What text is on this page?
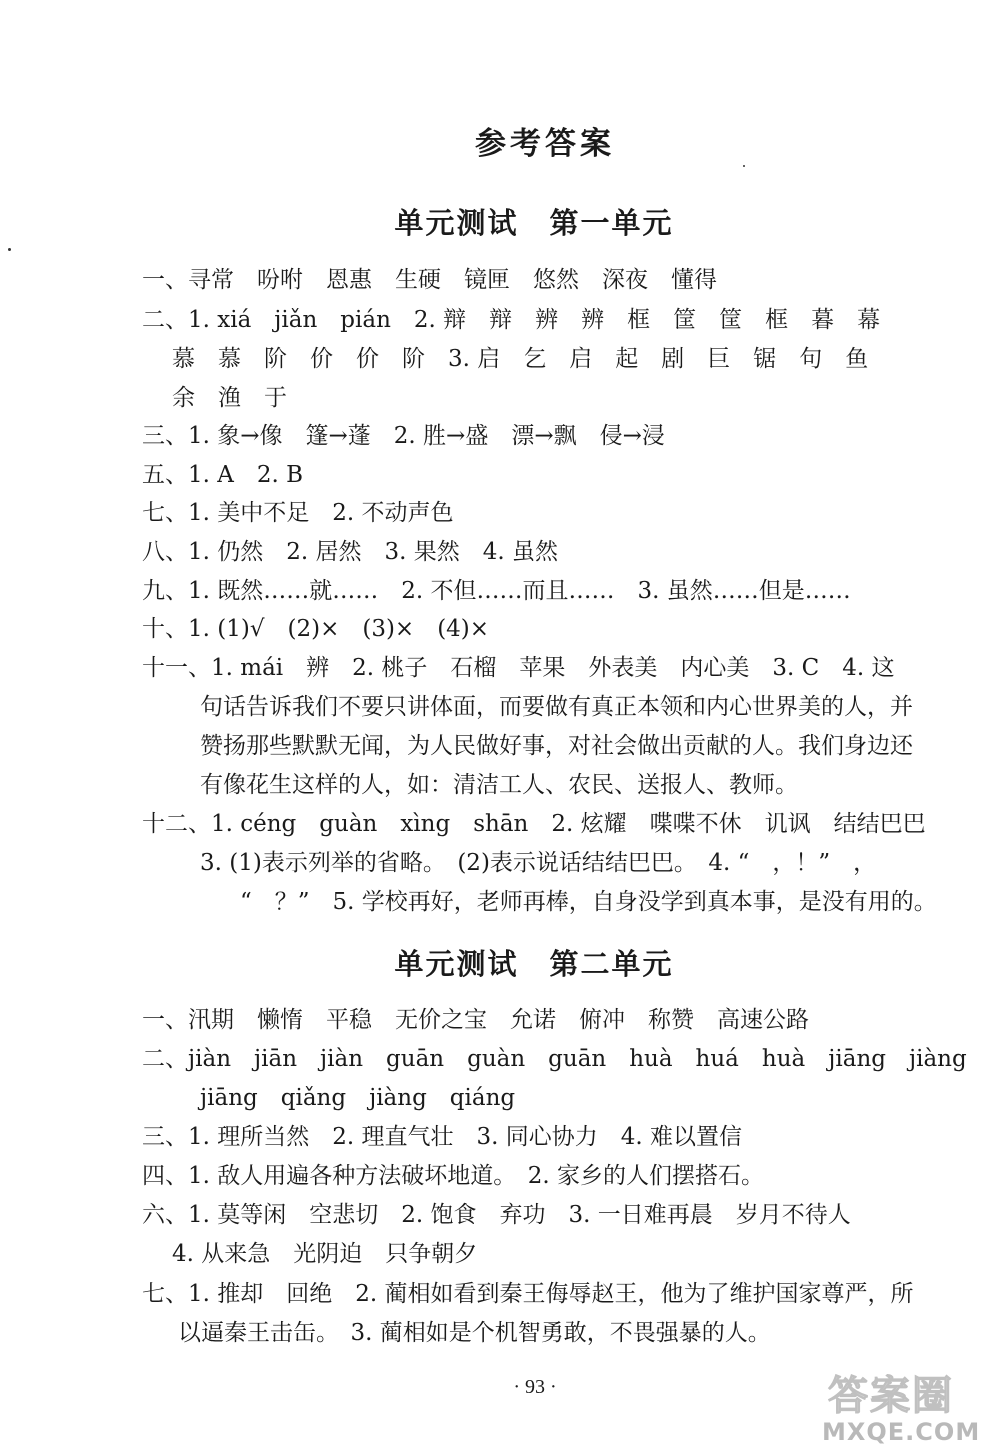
参考答案
单元测试　第一单元
一、寻常　吩咐　恩惠　生硬　镜匣　悠然　深夜　懂得
二、1. xiá　jiǎn　pián　2. 辩　辩　辨　辨　框　筐　筐　框　暮　幕
慕　慕　阶　价　价　阶　3. 启　乞　启　起　剧　巨　锯　句　鱼
余　渔　于
三、1. 象→像　篷→蓬　2. 胜→盛　漂→飘　侵→浸
五、1. A　2. B
七、1. 美中不足　2. 不动声色
八、1. 仍然　2. 居然　3. 果然　4. 虽然
九、1. 既然……就……　2. 不但……而且……　3. 虽然……但是……
十、1. (1)√　(2)×　(3)×　(4)×
十一、1. mái　辨　2. 桃子　石榴　苹果　外表美　内心美　3. C　4. 这
句话告诉我们不要只讲体面，而要做有真正本领和内心世界美的人，并
赞扬那些默默无闻，为人民做好事，对社会做出贡献的人。我们身边还
有像花生这样的人，如：清洁工人、农民、送报人、教师。
十二、1. céng　guàn　xìng　shān　2. 炫耀　喋喋不休　讥讽　结结巴巴
3. (1)表示列举的省略。　(2)表示说话结结巴巴。　4. “　，！”　，
“　？”　5. 学校再好，老师再棒，自身没学到真本事，是没有用的。
单元测试　第二单元
一、汛期　懒惰　平稳　无价之宝　允诺　俯冲　称赞　高速公路
二、jiàn　jiān　jiàn　guān　guàn　guān　huà　huá　huà　jiāng　jiàng
jiāng　qiǎng　jiàng　qiáng
三、1. 理所当然　2. 理直气壮　3. 同心协力　4. 难以置信
四、1. 敌人用遍各种方法破坏地道。　2. 家乡的人们摆搭石。
六、1. 莫等闲　空悲切　2. 饱食　弃功　3. 一日难再晨　岁月不待人
4. 从来急　光阴迫　只争朝夕
七、1. 推却　回绝　2. 蔺相如看到秦王侮辱赵王，他为了维护国家尊严，所
以逼秦王击缶。　3. 蔺相如是个机智勇敢，不畏强暴的人。
· 93 ·	答案圈
MXQE.COM
